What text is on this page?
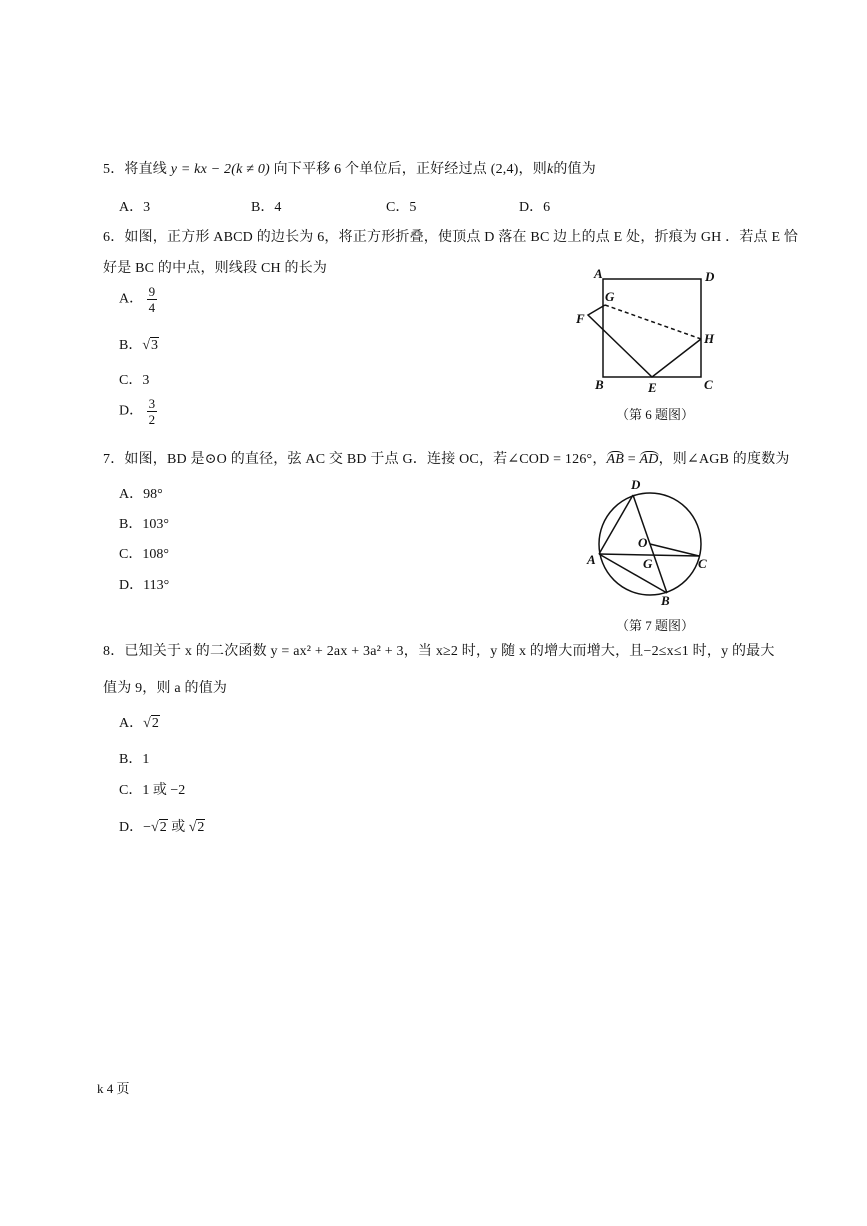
5．将直线 y = kx − 2(k ≠ 0) 向下平移 6 个单位后，正好经过点 (2,4)，则k的值为
A．3	B．4	C．5	D．6
6．如图，正方形 ABCD 的边长为 6，将正方形折叠，使顶点 D 落在 BC 边上的点 E 处，折痕为 GH ．若点 E 恰
好是 BC 的中点，则线段 CH 的长为
A． $\frac{9}{4}$
B．√3
C．3
D． $\frac{3}{2}$
A	D
G
F
H
B	E	C
（第 6 题图）
7．如图，BD 是⊙O 的直径，弦 AC 交 BD 于点 G．连接 OC，若∠COD = 126°，AB = AD，则∠AGB 的度数为
A．98°
B．103°
C．108°
D．113°
D
O
A	G	C
B
（第 7 题图）
8．已知关于 x 的二次函数 y = ax² + 2ax + 3a² + 3，当 x≥2 时，y 随 x 的增大而增大，且−2≤x≤1 时，y 的最大
值为 9，则 a 的值为
A．√2
B．1
C．1 或 −2
D．−√2 或 √2
k 4 页
